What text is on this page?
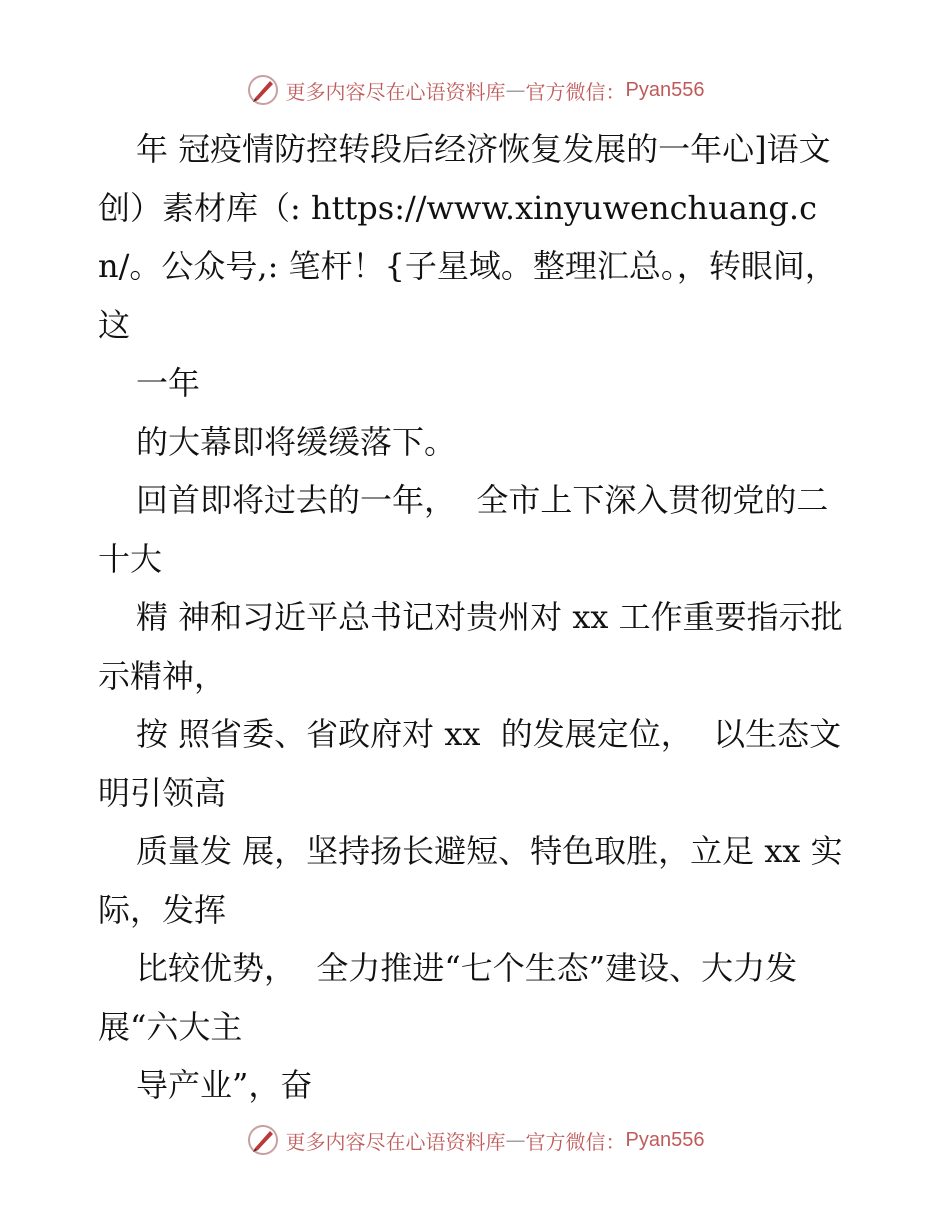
更多内容尽在心语资料库 — 官方微信： Pyan556

年 冠疫情防控转段后经济恢复发展的一年心]语文创）素材库（: https://www.xinyuwenchuang.cn/。公众号,: 笔杆！{子星域。整理汇总。，转眼间，这

一年

的大幕即将缓缓落下。

回首即将过去的一年，  全市上下深入贯彻党的二十大

精 神和习近平总书记对贵州对 xx 工作重要指示批示精神，

按 照省委、省政府对 xx  的发展定位，  以生态文明引领高

质量发 展，坚持扬长避短、特色取胜，立足 xx 实际，发挥

比较优势，  全力推进“七个生态”建设、大力发展“六大主

导产业”，奋

更多内容尽在心语资料库 — 官方微信： Pyan556
